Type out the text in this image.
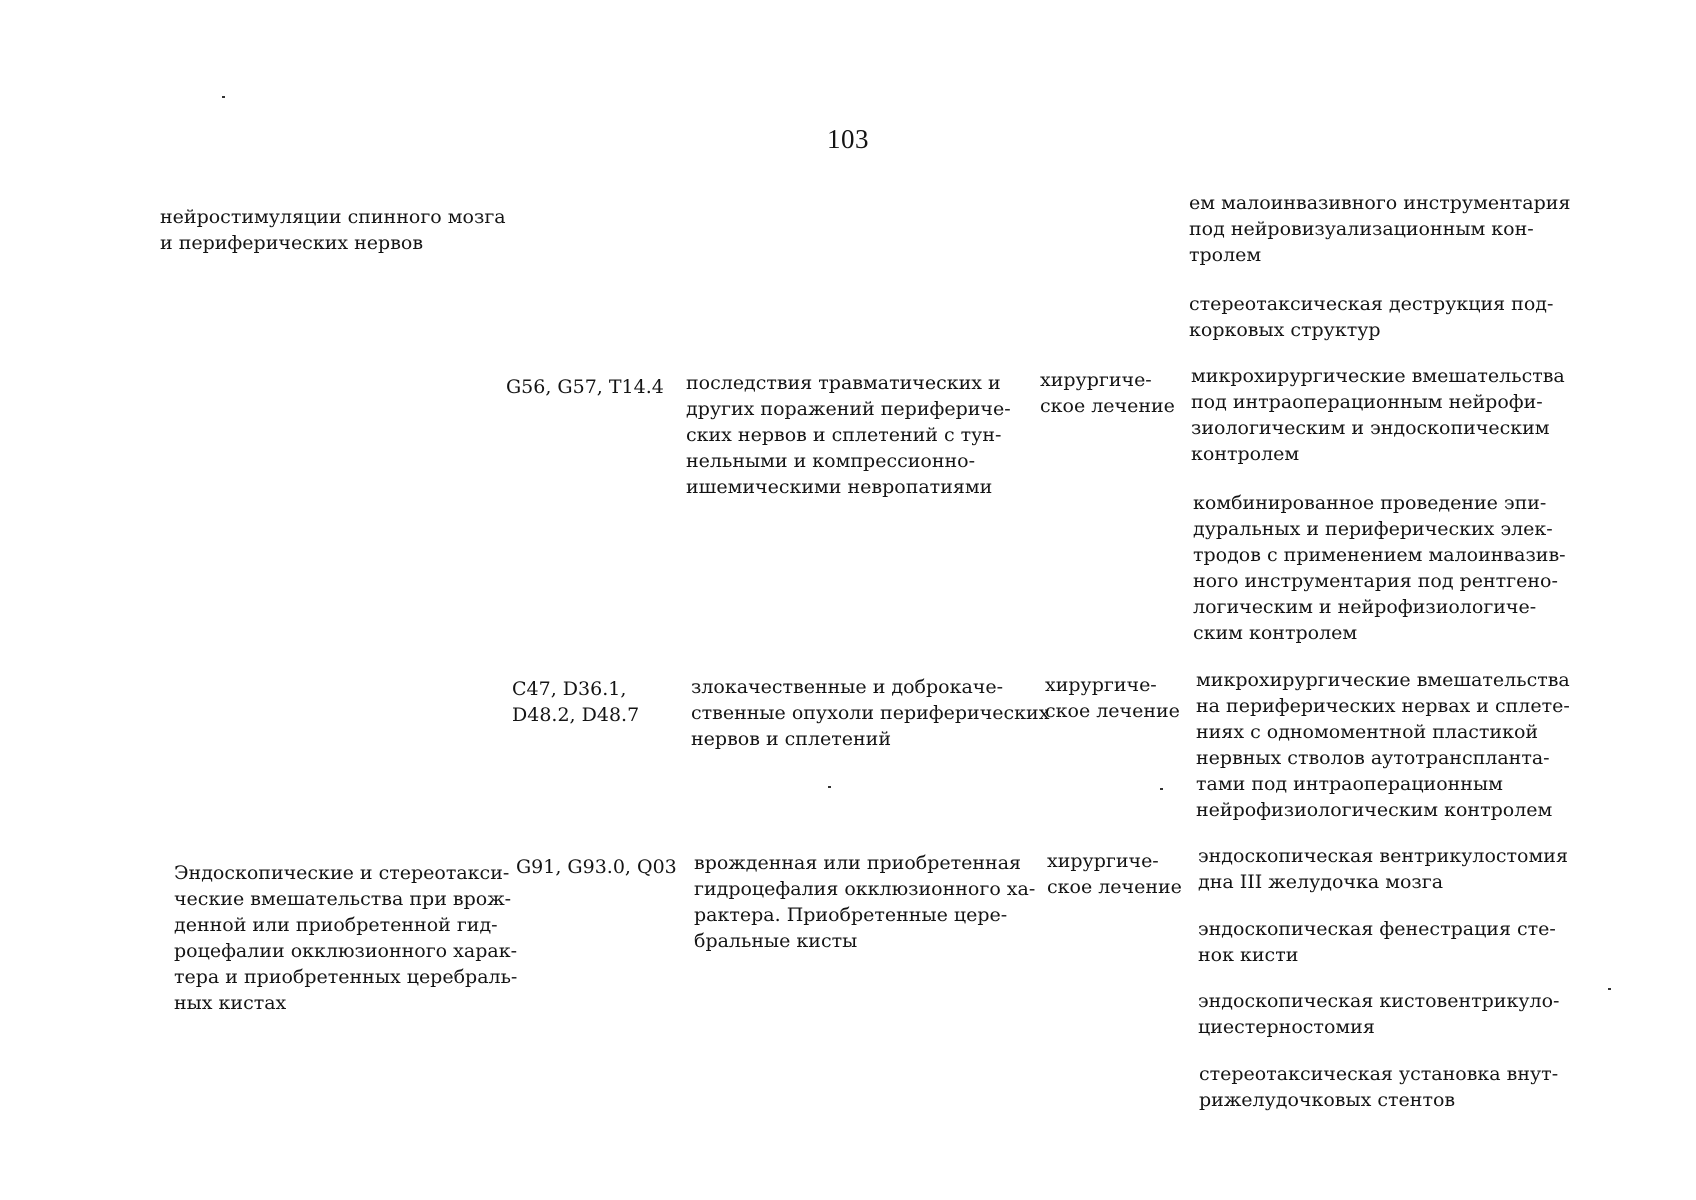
103
нейростимуляции спинного мозга
и периферических нервов
ем малоинвазивного инструментария
под нейровизуализационным кон-
тролем
стереотаксическая деструкция под-
корковых структур
G56, G57, T14.4 последствия травматических и
других поражений перифериче-
ских нервов и сплетений с тун-
нельными и компрессионно-
ишемическими невропатиями
хирургиче-
ское лечение
микрохирургические вмешательства
под интраоперационным нейрофи-
зиологическим и эндоскопическим
контролем
комбинированное проведение эпи-
дуральных и периферических элек-
тродов с применением малоинвазив-
ного инструментария под рентгено-
логическим и нейрофизиологиче-
ским контролем
C47, D36.1,
D48.2, D48.7
злокачественные и доброкаче-
ственные опухоли периферических
нервов и сплетений
хирургиче-
ское лечение
микрохирургические вмешательства
на периферических нервах и сплете-
ниях с одномоментной пластикой
нервных стволов аутотранспланта-
тами под интраоперационным
нейрофизиологическим контролем
Эндоскопические и стереотакси-
ческие вмешательства при врож-
денной или приобретенной гид-
роцефалии окклюзионного харак-
тера и приобретенных церебраль-
ных кистах
G91, G93.0, Q03 врожденная или приобретенная
гидроцефалия окклюзионного ха-
рактера. Приобретенные цере-
бральные кисты
хирургиче-
ское лечение
эндоскопическая вентрикулостомия
дна III желудочка мозга
эндоскопическая фенестрация сте-
нок кисти
эндоскопическая кистовентрикуло-
циестерностомия
стереотаксическая установка внут-
рижелудочковых стентов
